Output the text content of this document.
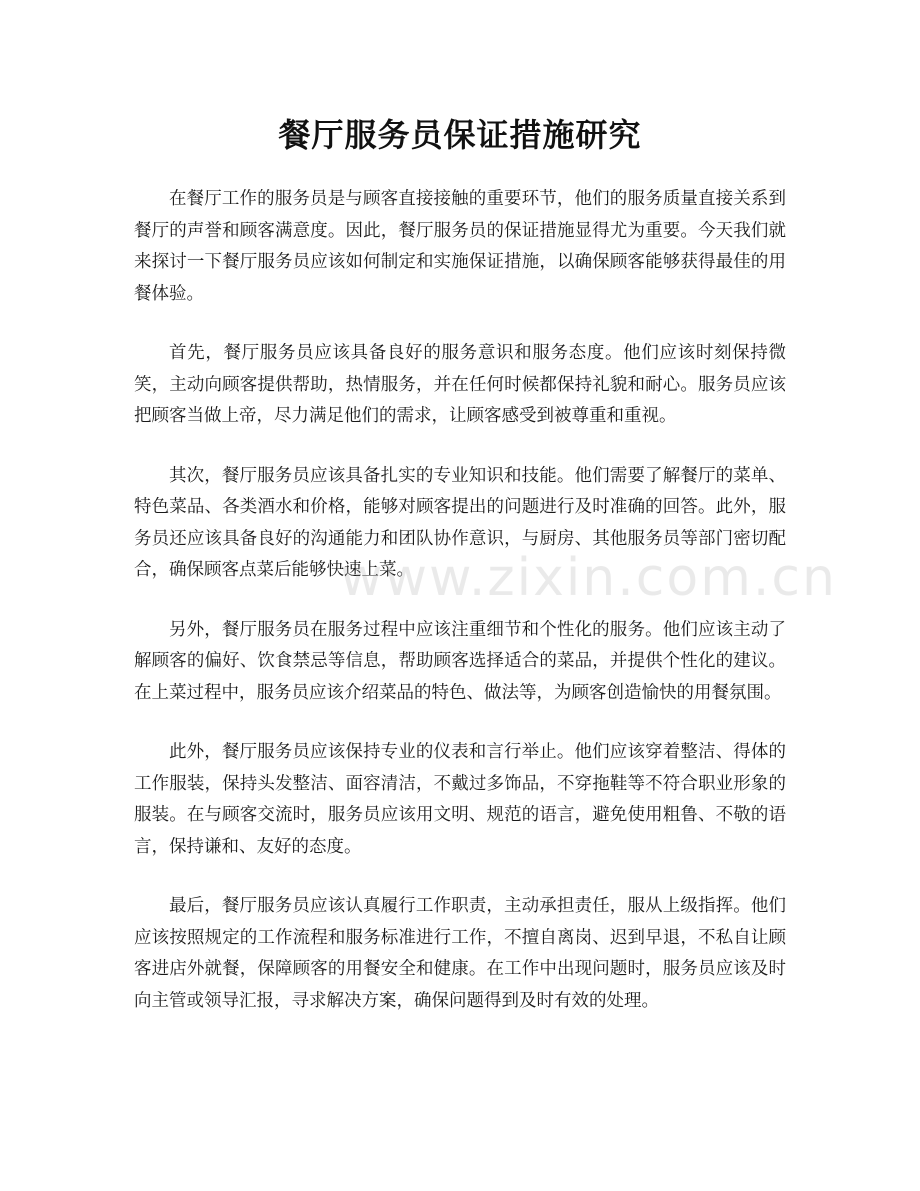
餐厅服务员保证措施研究

在餐厅工作的服务员是与顾客直接接触的重要环节，他们的服务质量直接关系到餐厅的声誉和顾客满意度。因此，餐厅服务员的保证措施显得尤为重要。今天我们就来探讨一下餐厅服务员应该如何制定和实施保证措施，以确保顾客能够获得最佳的用餐体验。

首先，餐厅服务员应该具备良好的服务意识和服务态度。他们应该时刻保持微笑，主动向顾客提供帮助，热情服务，并在任何时候都保持礼貌和耐心。服务员应该把顾客当做上帝，尽力满足他们的需求，让顾客感受到被尊重和重视。

其次，餐厅服务员应该具备扎实的专业知识和技能。他们需要了解餐厅的菜单、特色菜品、各类酒水和价格，能够对顾客提出的问题进行及时准确的回答。此外，服务员还应该具备良好的沟通能力和团队协作意识，与厨房、其他服务员等部门密切配合，确保顾客点菜后能够快速上菜。

另外，餐厅服务员在服务过程中应该注重细节和个性化的服务。他们应该主动了解顾客的偏好、饮食禁忌等信息，帮助顾客选择适合的菜品，并提供个性化的建议。在上菜过程中，服务员应该介绍菜品的特色、做法等，为顾客创造愉快的用餐氛围。

此外，餐厅服务员应该保持专业的仪表和言行举止。他们应该穿着整洁、得体的工作服装，保持头发整洁、面容清洁，不戴过多饰品，不穿拖鞋等不符合职业形象的服装。在与顾客交流时，服务员应该用文明、规范的语言，避免使用粗鲁、不敬的语言，保持谦和、友好的态度。

最后，餐厅服务员应该认真履行工作职责，主动承担责任，服从上级指挥。他们应该按照规定的工作流程和服务标准进行工作，不擅自离岗、迟到早退，不私自让顾客进店外就餐，保障顾客的用餐安全和健康。在工作中出现问题时，服务员应该及时向主管或领导汇报，寻求解决方案，确保问题得到及时有效的处理。

www.zixin.com.cn
